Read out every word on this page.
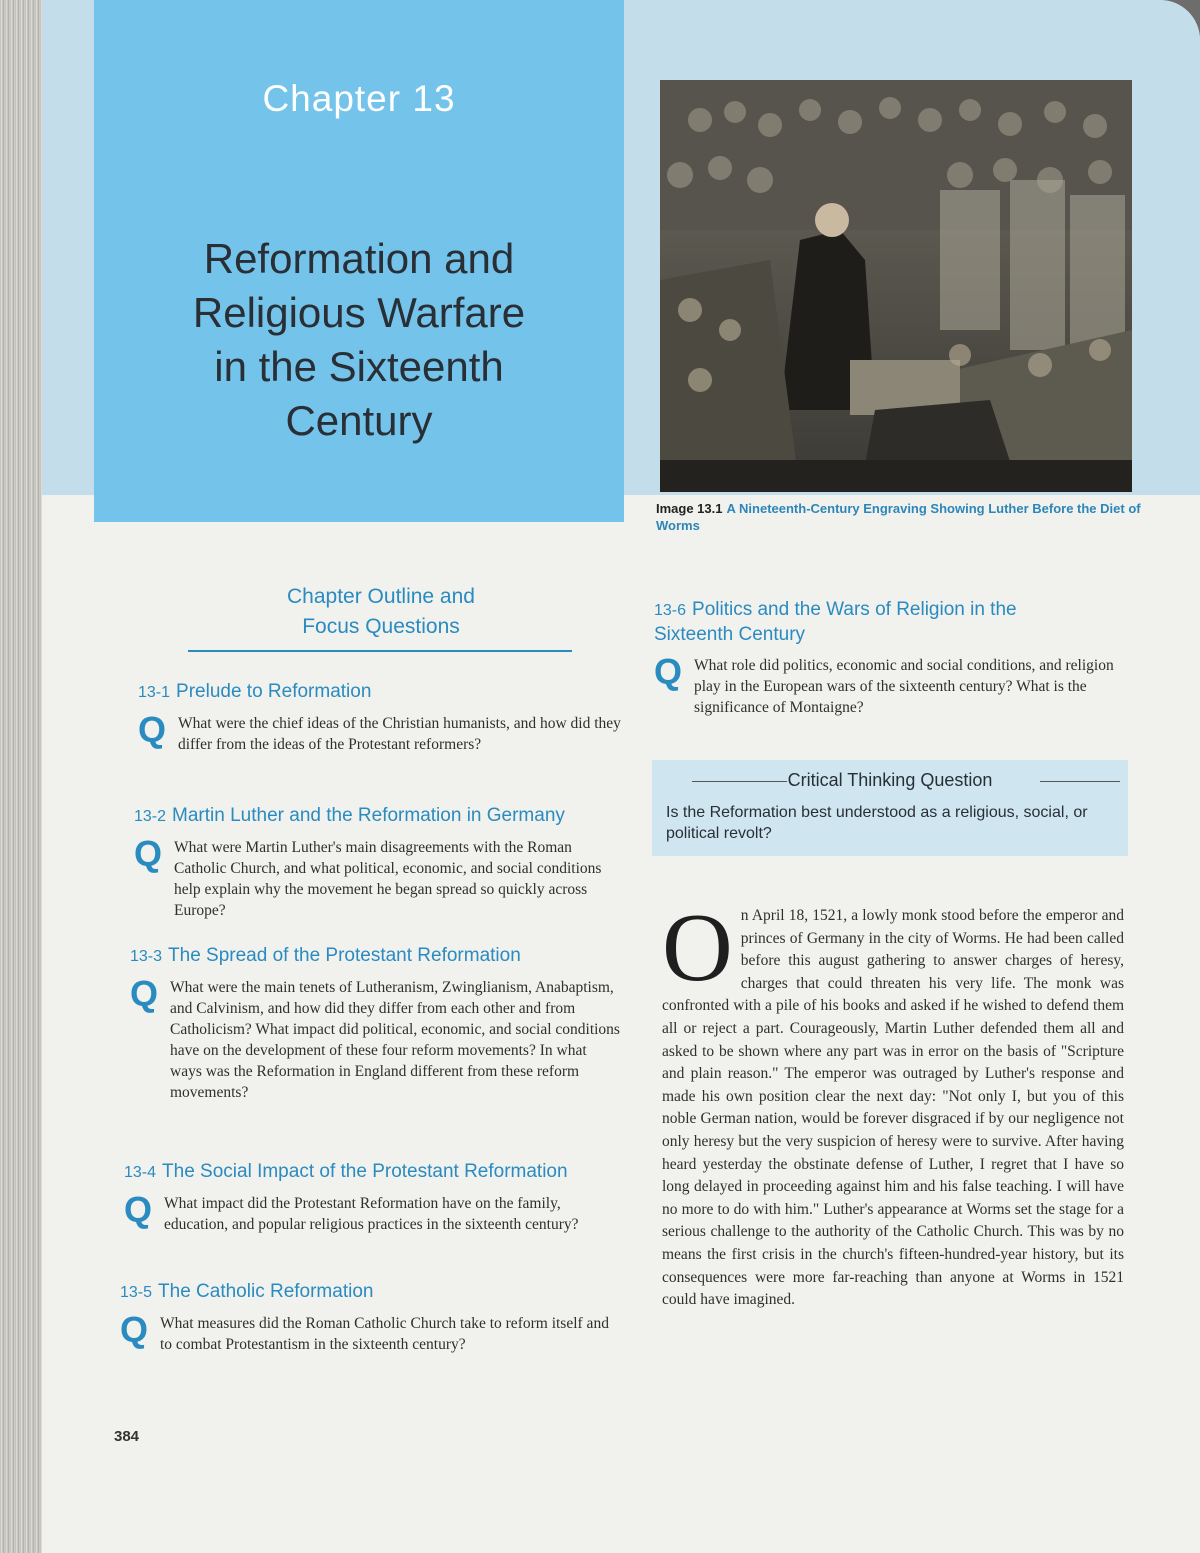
Chapter 13
Reformation and
Religious Warfare
in the Sixteenth
Century
Image 13.1 A Nineteenth-Century Engraving Showing Luther Before the Diet of Worms
Chapter Outline and
Focus Questions
13-1 Prelude to Reformation
Q What were the chief ideas of the Christian humanists, and how did they differ from the ideas of the Protestant reformers?
13-2 Martin Luther and the Reformation in Germany
Q What were Martin Luther's main disagreements with the Roman Catholic Church, and what political, economic, and social conditions help explain why the movement he began spread so quickly across Europe?
13-3 The Spread of the Protestant Reformation
Q What were the main tenets of Lutheranism, Zwinglianism, Anabaptism, and Calvinism, and how did they differ from each other and from Catholicism? What impact did political, economic, and social conditions have on the development of these four reform movements? In what ways was the Reformation in England different from these reform movements?
13-4 The Social Impact of the Protestant Reformation
Q What impact did the Protestant Reformation have on the family, education, and popular religious practices in the sixteenth century?
13-5 The Catholic Reformation
Q What measures did the Roman Catholic Church take to reform itself and to combat Protestantism in the sixteenth century?
13-6 Politics and the Wars of Religion in the
Sixteenth Century
Q What role did politics, economic and social conditions, and religion play in the European wars of the sixteenth century? What is the significance of Montaigne?
Critical Thinking Question
Is the Reformation best understood as a religious, social, or political revolt?
On April 18, 1521, a lowly monk stood before the emperor and princes of Germany in the city of Worms. He had been called before this august gathering to answer charges of heresy, charges that could threaten his very life. The monk was confronted with a pile of his books and asked if he wished to defend them all or reject a part. Courageously, Martin Luther defended them all and asked to be shown where any part was in error on the basis of "Scripture and plain reason." The emperor was outraged by Luther's response and made his own position clear the next day: "Not only I, but you of this noble German nation, would be forever disgraced if by our negligence not only heresy but the very suspicion of heresy were to survive. After having heard yesterday the obstinate defense of Luther, I regret that I have so long delayed in proceeding against him and his false teaching. I will have no more to do with him." Luther's appearance at Worms set the stage for a serious challenge to the authority of the Catholic Church. This was by no means the first crisis in the church's fifteen-hundred-year history, but its consequences were more far-reaching than anyone at Worms in 1521 could have imagined.
384
